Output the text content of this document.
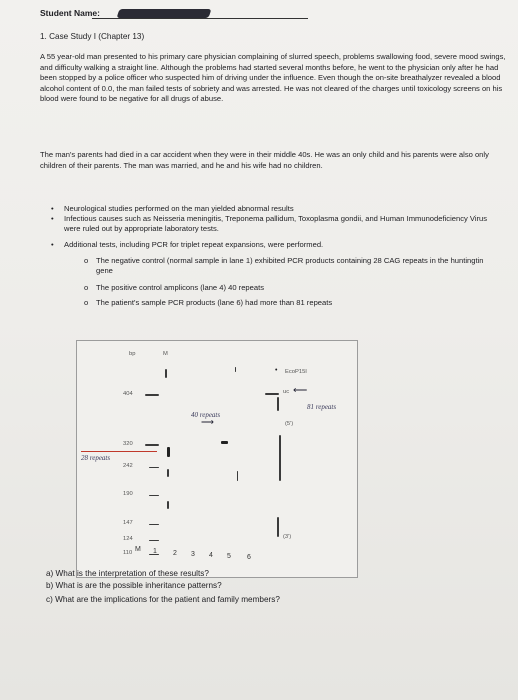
Student Name:
1. Case Study I (Chapter 13)
A 55 year-old man presented to his primary care physician complaining of slurred speech, problems swallowing food, severe mood swings, and difficulty walking a straight line. Although the problems had started several months before, he went to the physician only after he had been stopped by a police officer who suspected him of driving under the influence. Even though the on-site breathalyzer revealed a blood alcohol content of 0.0, the man failed tests of sobriety and was arrested. He was not cleared of the charges until toxicology screens on his blood were found to be negative for all drugs of abuse.
The man's parents had died in a car accident when they were in their middle 40s. He was an only child and his parents were also only children of their parents. The man was married, and he and his wife had no children.
• Neurological studies performed on the man yielded abnormal results
• Infectious causes such as Neisseria meningitis, Treponema pallidum, Toxoplasma gondii, and Human Immunodeficiency Virus were ruled out by appropriate laboratory tests.
• Additional tests, including PCR for triplet repeat expansions, were performed.
o The negative control (normal sample in lane 1) exhibited PCR products containing 28 CAG repeats in the huntingtin gene
o The positive control amplicons (lane 4) 40 repeats
o The patient's sample PCR products (lane 6) had more than 81 repeats
bp	M
• EcoP15I
404
320
242
190
147
124
110
uc ⟵
81 repeats
40 repeats
⟶
28 repeats
(5')
(3')
M 1 2 3 4 5 6
a) What is the interpretation of these results?
b) What is are the possible inheritance patterns?
c) What are the implications for the patient and family members?
